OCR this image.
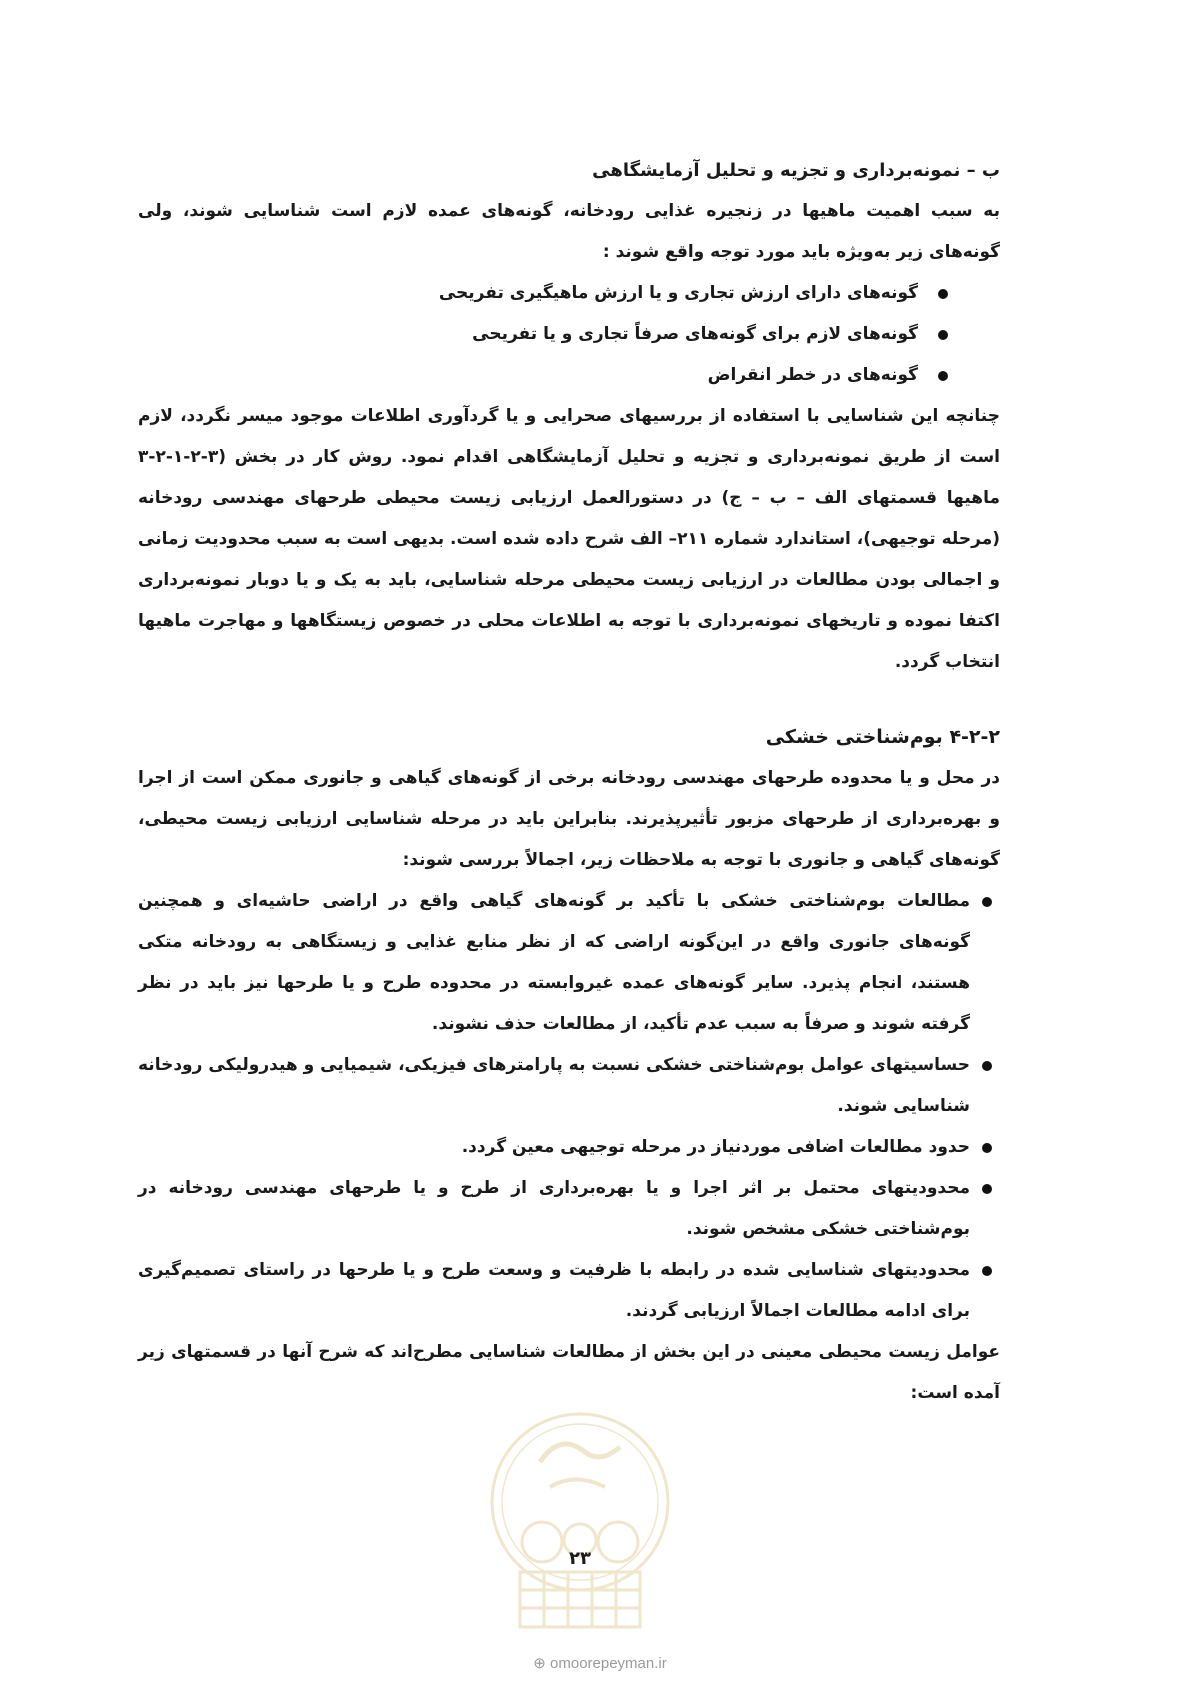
ب – نمونه‌برداری و تجزیه و تحلیل آزمایشگاهی

به سبب اهمیت ماهیها در زنجیره غذایی رودخانه، گونه‌های عمده لازم است شناسایی شوند، ولی گونه‌های زیر به‌ویژه باید مورد توجه واقع شوند :

گونه‌های دارای ارزش تجاری و یا ارزش ماهیگیری تفریحی
گونه‌های لازم برای گونه‌های صرفاً تجاری و یا تفریحی
گونه‌های در خطر انقراض

چنانچه این شناسایی با استفاده از بررسیهای صحرایی و یا گردآوری اطلاعات موجود میسر نگردد، لازم است از طریق نمونه‌برداری و تجزیه و تحلیل آزمایشگاهی اقدام نمود. روش کار در بخش (۳-۲-۱-۲-۳ ماهیها قسمتهای الف – ب – ج) در دستورالعمل ارزیابی زیست محیطی طرحهای مهندسی رودخانه (مرحله توجیهی)، استاندارد شماره ۲۱۱– الف شرح داده شده است. بدیهی است به سبب محدودیت زمانی و اجمالی بودن مطالعات در ارزیابی زیست محیطی مرحله شناسایی، باید به یک و یا دوبار نمونه‌برداری اکتفا نموده و تاریخهای نمونه‌برداری با توجه به اطلاعات محلی در خصوص زیستگاهها و مهاجرت ماهیها انتخاب گردد.

۴-۲-۲ بوم‌شناختی خشکی

در محل و یا محدوده طرحهای مهندسی رودخانه برخی از گونه‌های گیاهی و جانوری ممکن است از اجرا و بهره‌برداری از طرحهای مزبور تأثیرپذیرند. بنابراین باید در مرحله شناسایی ارزیابی زیست محیطی، گونه‌های گیاهی و جانوری با توجه به ملاحظات زیر، اجمالاً بررسی شوند:

مطالعات بوم‌شناختی خشکی با تأکید بر گونه‌های گیاهی واقع در اراضی حاشیه‌ای و همچنین گونه‌های جانوری واقع در این‌گونه اراضی که از نظر منابع غذایی و زیستگاهی به رودخانه متکی هستند، انجام پذیرد. سایر گونه‌های عمده غیروابسته در محدوده طرح و یا طرحها نیز باید در نظر گرفته شوند و صرفاً به سبب عدم تأکید، از مطالعات حذف نشوند.
حساسیتهای عوامل بوم‌شناختی خشکی نسبت به پارامترهای فیزیکی، شیمیایی و هیدرولیکی رودخانه شناسایی شوند.
حدود مطالعات اضافی موردنیاز در مرحله توجیهی معین گردد.
محدودیتهای محتمل بر اثر اجرا و یا بهره‌برداری از طرح و یا طرحهای مهندسی رودخانه در بوم‌شناختی خشکی مشخص شوند.
محدودیتهای شناسایی شده در رابطه با ظرفیت و وسعت طرح و یا طرحها در راستای تصمیم‌گیری برای ادامه مطالعات اجمالاً ارزیابی گردند.

عوامل زیست محیطی معینی در این بخش از مطالعات شناسایی مطرح‌اند که شرح آنها در قسمتهای زیر آمده است:

۲۳
⊕ omoorepeyman.ir
